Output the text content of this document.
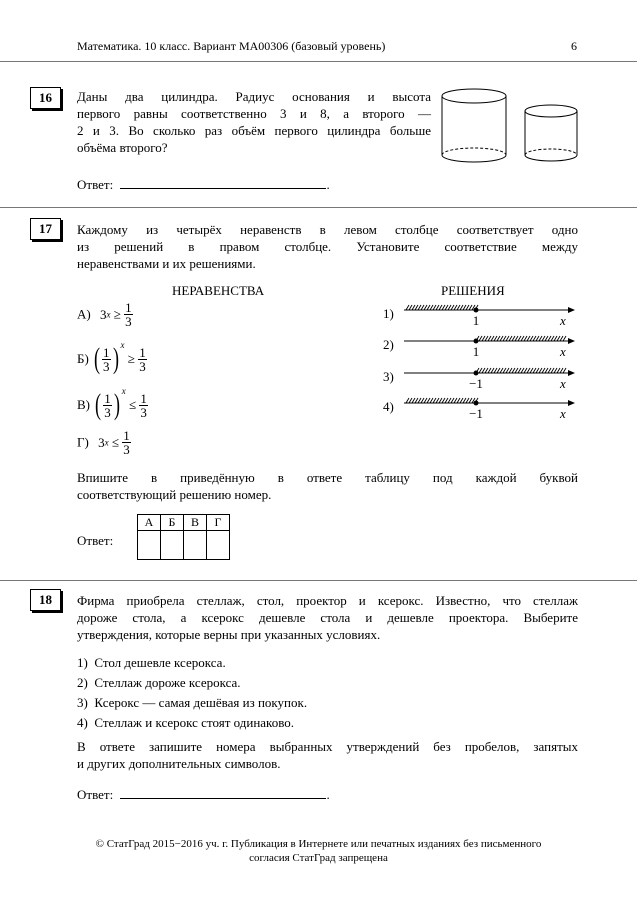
Математика. 10 класс. Вариант МА00306 (базовый уровень)	6
16	Даны два цилиндра. Радиус основания и высота
первого равны соответственно 3 и 8, а второго —
2 и 3. Во сколько раз объём первого цилиндра больше
объёма второго?
Ответ:	.
17	Каждому из четырёх неравенств в левом столбце соответствует одно
из решений в правом столбце. Установите соответствие между
неравенствами и их решениями.
НЕРАВЕНСТВА	РЕШЕНИЯ
А) $3x \ge \frac{1}{3}$
Б) ( $\frac{1}{3}$ ) $^x \ge \frac{1}{3}$
В) ( $\frac{1}{3}$ ) $^x \le \frac{1}{3}$
Г) $3x \le \frac{1}{3}$
1)	1	x
2)	1	x
3)	−1	x
4)	−1	x
Впишите в приведённую в ответе таблицу под каждой буквой
соответствующий решению номер.
Ответ:
А	Б	В	Г

18	Фирма приобрела стеллаж, стол, проектор и ксерокс. Известно, что стеллаж
дороже стола, а ксерокс дешевле стола и дешевле проектора. Выберите
утверждения, которые верны при указанных условиях.
1) Стол дешевле ксерокса.
2) Стеллаж дороже ксерокса.
3) Ксерокс — самая дешёвая из покупок.
4) Стеллаж и ксерокс стоят одинаково.
В ответе запишите номера выбранных утверждений без пробелов, запятых
и других дополнительных символов.
Ответ:	.
© СтатГрад 2015−2016 уч. г. Публикация в Интернете или печатных изданиях без письменного
согласия СтатГрад запрещена
